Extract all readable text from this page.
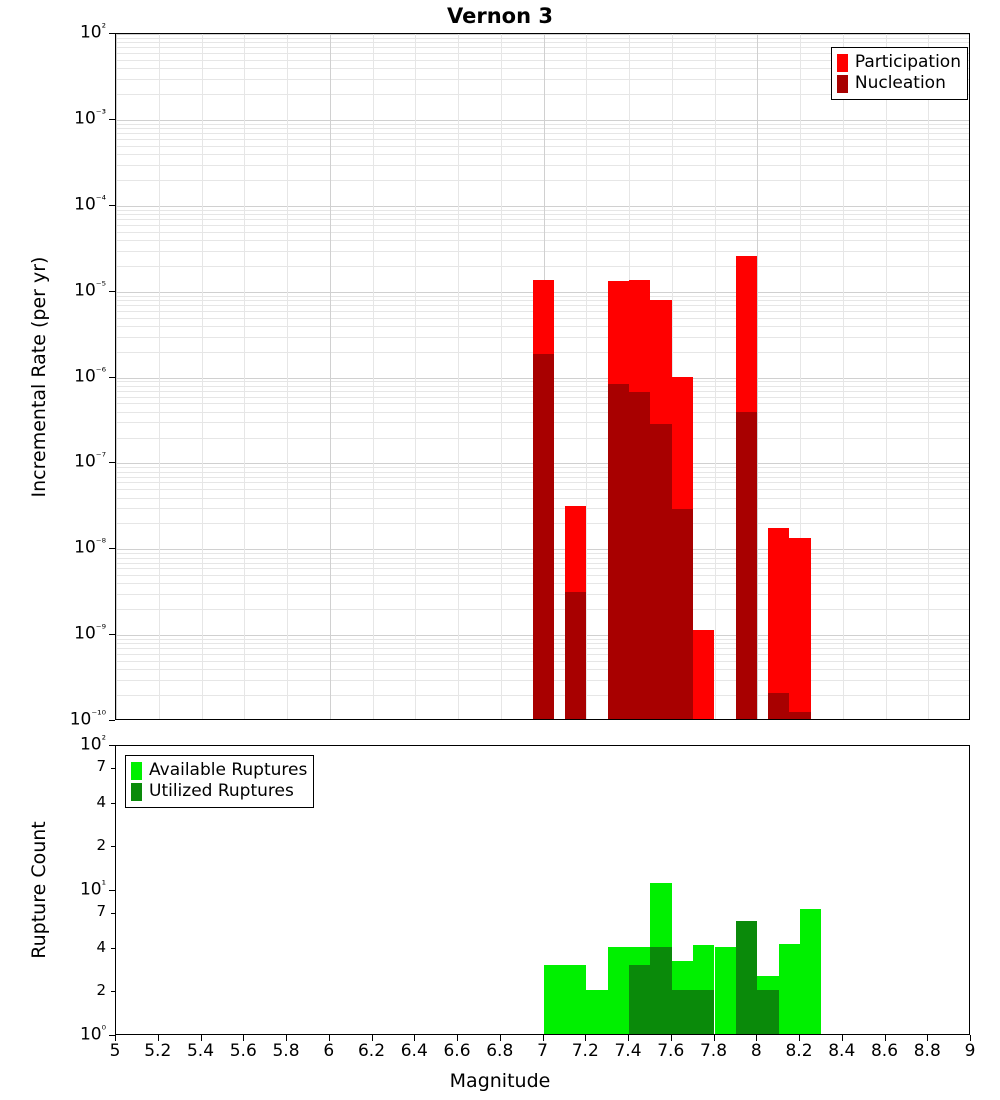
Vernon 3
$10^{^2}$
$10^{^{-3}}$
$10^{^{-4}}$
$10^{^{-5}}$
$10^{^{-6}}$
$10^{^{-7}}$
$10^{^{-8}}$
$10^{^{-9}}$
$10^{^{-10}}$
Incremental Rate (per yr)
Participation
Nucleation
$10^{^2}$
7
4
2
$10^{^1}$
7
4
2
$10^{^0}$
Rupture Count
Available Ruptures
Utilized Ruptures
5	5.2 5.4 5.6 5.8	6	6.2 6.4 6.6 6.8	7	7.2 7.4 7.6 7.8	8	8.2 8.4 8.6 8.8	9
Magnitude
